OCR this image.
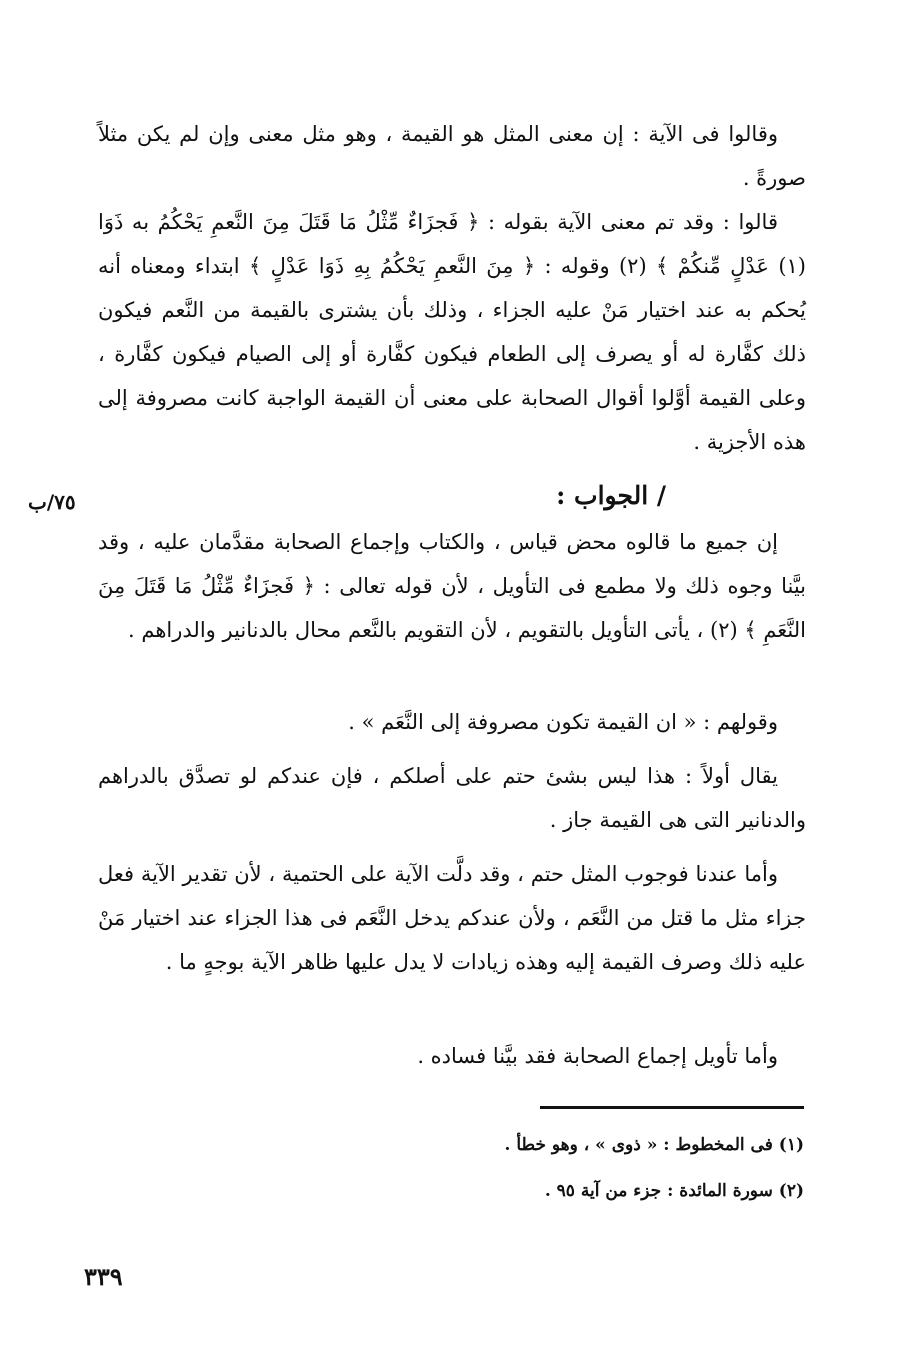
وقالوا فى الآية : إن معنى المثل هو القيمة ، وهو مثل معنى وإن لم يكن مثلاً صورةً .
قالوا : وقد تم معنى الآية بقوله : ﴿ فَجزَاءٌ مِّثْلُ مَا قَتَلَ مِنَ النَّعمِ يَحْكُمُ به ذَوَا (١) عَدْلٍ مِّنكُمْ ﴾ (٢) وقوله : ﴿ مِنَ النَّعمِ يَحْكُمُ بِهِ ذَوَا عَدْلٍ ﴾ ابتداء ومعناه أنه يُحكم به عند اختيار مَنْ عليه الجزاء ، وذلك بأن يشترى بالقيمة من النَّعم فيكون ذلك كفَّارة له أو يصرف إلى الطعام فيكون كفَّارة أو إلى الصيام فيكون كفَّارة ، وعلى القيمة أوَّلوا أقوال الصحابة على معنى أن القيمة الواجبة كانت مصروفة إلى هذه الأجزية .
/ الجواب :
إن جميع ما قالوه محض قياس ، والكتاب وإجماع الصحابة مقدَّمان عليه ، وقد بيَّنا وجوه ذلك ولا مطمع فى التأويل ، لأن قوله تعالى : ﴿ فَجزَاءٌ مِّثْلُ مَا قَتَلَ مِنَ النَّعَمِ ﴾ (٢) ، يأتى التأويل بالتقويم ، لأن التقويم بالنَّعم محال بالدنانير والدراهم .
وقولهم : « ان القيمة تكون مصروفة إلى النَّعَم » .
يقال أولاً : هذا ليس بشئ حتم على أصلكم ، فإن عندكم لو تصدَّق بالدراهم والدنانير التى هى القيمة جاز .
وأما عندنا فوجوب المثل حتم ، وقد دلَّت الآية على الحتمية ، لأن تقدير الآية فعل جزاء مثل ما قتل من النَّعَم ، ولأن عندكم يدخل النَّعَم فى هذا الجزاء عند اختيار مَنْ عليه ذلك وصرف القيمة إليه وهذه زيادات لا يدل عليها ظاهر الآية بوجهٍ ما .
وأما تأويل إجماع الصحابة فقد بيَّنا فساده .
٧٥/ب
(١) فى المخطوط : « ذوى » ، وهو خطأ .
(٢) سورة المائدة : جزء من آية ٩٥ .
٣٣٩
